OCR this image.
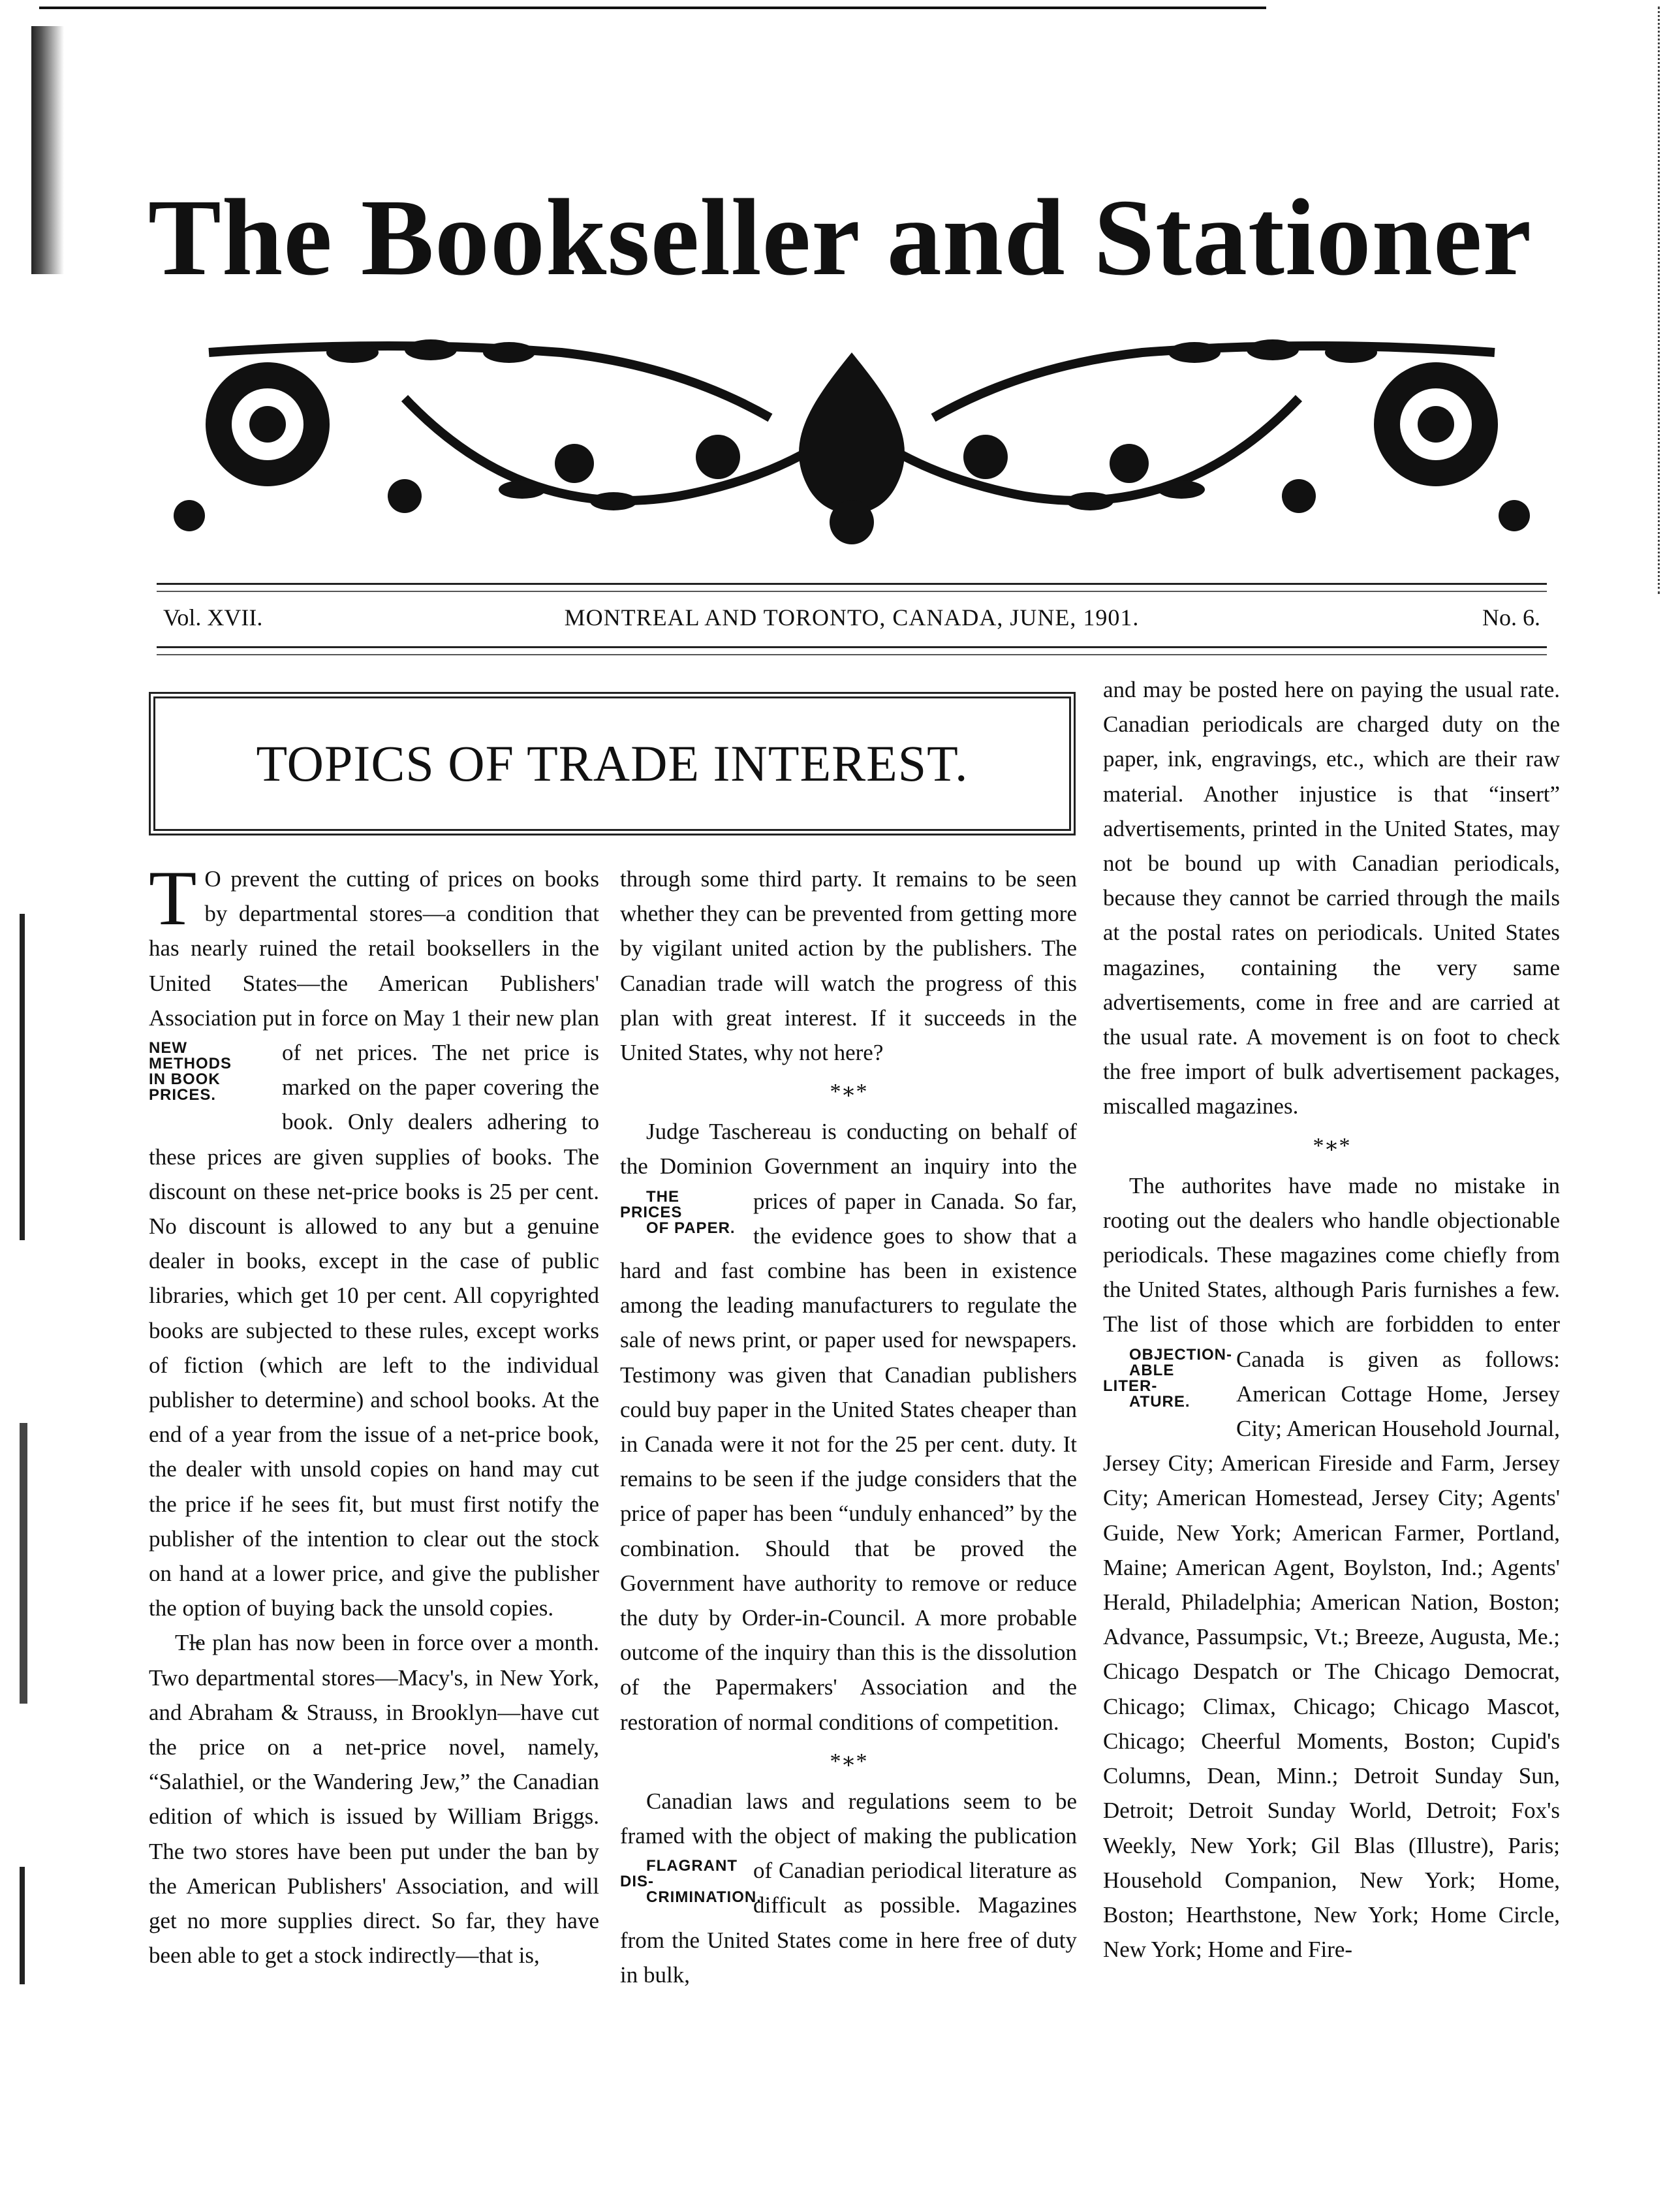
The Bookseller and Stationer
Vol. XVII.	MONTREAL AND TORONTO, CANADA, JUNE, 1901.	No. 6.
TOPICS OF TRADE INTEREST.

T O prevent the cutting of prices on books by departmental stores—a condition that has nearly ruined the retail booksellers in the United States—the American Publishers' Association put in force on May 1 their new plan of net prices.
NEW METHODS
IN BOOK
PRICES.
The net price is marked on the paper covering the book. Only dealers adhering to these prices are given supplies of books. The discount on these net-price books is 25 per cent. No discount is allowed to any but a genuine dealer in books, except in the case of public libraries, which get 10 per cent. All copyrighted books are subjected to these rules, except works of fiction (which are left to the individual publisher to determine) and school books. At the end of a year from the issue of a net-price book, the dealer with unsold copies on hand may cut the price if he sees fit, but must first notify the publisher of the intention to clear out the stock on hand at a lower price, and give the publisher the option of buying back the unsold copies.

Tl̶e plan has now been in force over a month. Two departmental stores—Macy's, in New York, and Abraham & Strauss, in Brooklyn—have cut the price on a net-price novel, namely, “Salathiel, or the Wandering Jew,” the Canadian edition of which is issued by William Briggs. The two stores have been put under the ban by the American Publishers' Association, and will get no more supplies direct. So far, they have been able to get a stock indirectly—that is,

through some third party. It remains to be seen whether they can be prevented from getting more by vigilant united action by the publishers. The Canadian trade will watch the progress of this plan with great interest. If it succeeds in the United States, why not here?

*∗*

Judge Taschereau is conducting on behalf of the Dominion Government an inquiry into
THE PRICES
OF PAPER.
the prices of paper in Canada. So far, the evidence goes to show that a hard and fast combine has been in existence among the leading manufacturers to regulate the sale of news print, or paper used for newspapers. Testimony was given that Canadian publishers could buy paper in the United States cheaper than in Canada were it not for the 25 per cent. duty. It remains to be seen if the judge considers that the price of paper has been “unduly enhanced” by the combination. Should that be proved the Government have authority to remove or reduce the duty by Order-in-Council. A more probable outcome of the inquiry than this is the dissolution of the Papermakers' Association and the restoration of normal conditions of competition.

*∗*

Canadian laws and regulations seem to be framed with the object of making the publication of Canadian periodical literature as
FLAGRANT DIS-
CRIMINATION.
difficult as possible. Magazines from the United States come in here free of duty in bulk,

and may be posted here on paying the usual rate. Canadian periodicals are charged duty on the paper, ink, engravings, etc., which are their raw material. Another injustice is that “insert” advertisements, printed in the United States, may not be bound up with Canadian periodicals, because they cannot be carried through the mails at the postal rates on periodicals. United States magazines, containing the very same advertisements, come in free and are carried at the usual rate. A movement is on foot to check the free import of bulk advertisement packages, miscalled magazines.

*∗*

The authorites have made no mistake in rooting out the dealers who handle objectionable periodicals. These magazines come chiefly from the United States, although Paris furnishes a few. The list of those which are forbidden to enter
OBJECTION-
ABLE LITER-
ATURE.
Canada is given as follows: American Cottage Home, Jersey City; American Household Journal, Jersey City; American Fireside and Farm, Jersey City; American Homestead, Jersey City; Agents' Guide, New York; American Farmer, Portland, Maine; American Agent, Boylston, Ind.; Agents' Herald, Philadelphia; American Nation, Boston; Advance, Passumpsic, Vt.; Breeze, Augusta, Me.; Chicago Despatch or The Chicago Democrat, Chicago; Climax, Chicago; Chicago Mascot, Chicago; Cheerful Moments, Boston; Cupid's Columns, Dean, Minn.; Detroit Sunday Sun, Detroit; Detroit Sunday World, Detroit; Fox's Weekly, New York; Gil Blas (Illustre), Paris; Household Companion, New York; Home, Boston; Hearthstone, New York; Home Circle, New York; Home and Fire-
